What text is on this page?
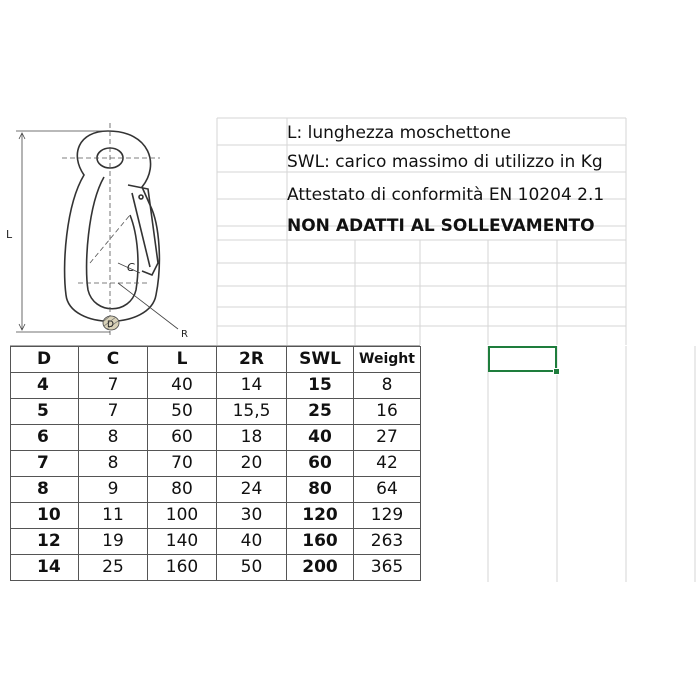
L
C
R
D
L: lunghezza moschettone
SWL: carico massimo di utilizzo in Kg
Attestato di conformità EN 10204 2.1
NON ADATTI AL SOLLEVAMENTO
D	C	L	2R	SWL	Weight
4	7	40	14	15	8
5	7	50	15,5	25	16
6	8	60	18	40	27
7	8	70	20	60	42
8	9	80	24	80	64
10	11	100	30	120	129
12	19	140	40	160	263
14	25	160	50	200	365
